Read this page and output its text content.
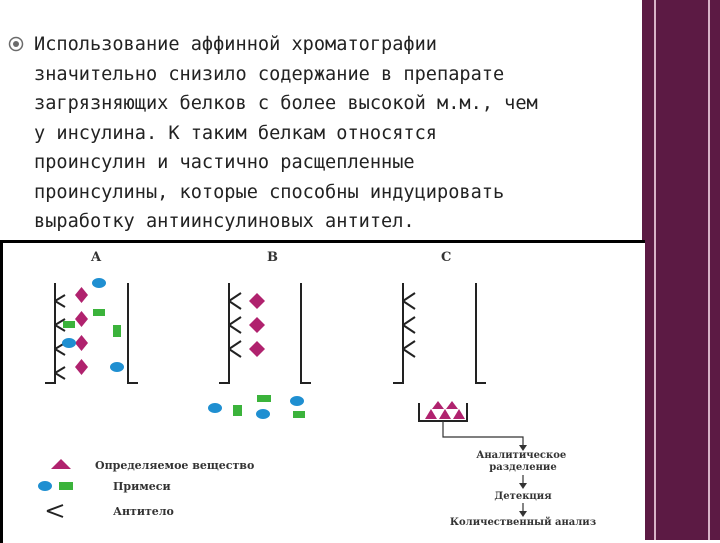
Использование аффинной хроматографии
значительно снизило содержание в препарате
загрязняющих белков с более высокой м.м., чем
у инсулина. К таким белкам относятся
проинсулин и частично расщепленные
проинсулины, которые способны индуцировать
выработку антиинсулиновых антител.

A	B	C
Аналитическое разделение
Детекция
Количественный анализ
Определяемое вещество
Примеси
Антитело
